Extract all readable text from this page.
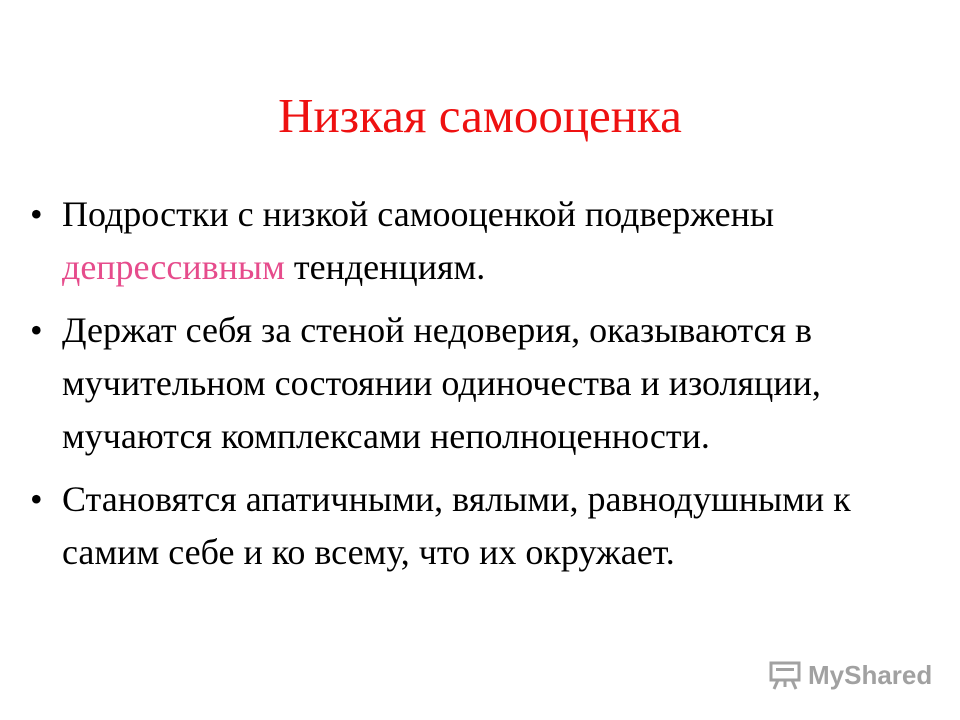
Низкая самооценка
• Подростки с низкой самооценкой подвержены депрессивным тенденциям.
• Держат себя за стеной недоверия, оказываются в мучительном состоянии одиночества и изоляции, мучаются комплексами неполноценности.
• Становятся апатичными, вялыми, равнодушными к самим себе и ко всему, что их окружает.
MyShared
